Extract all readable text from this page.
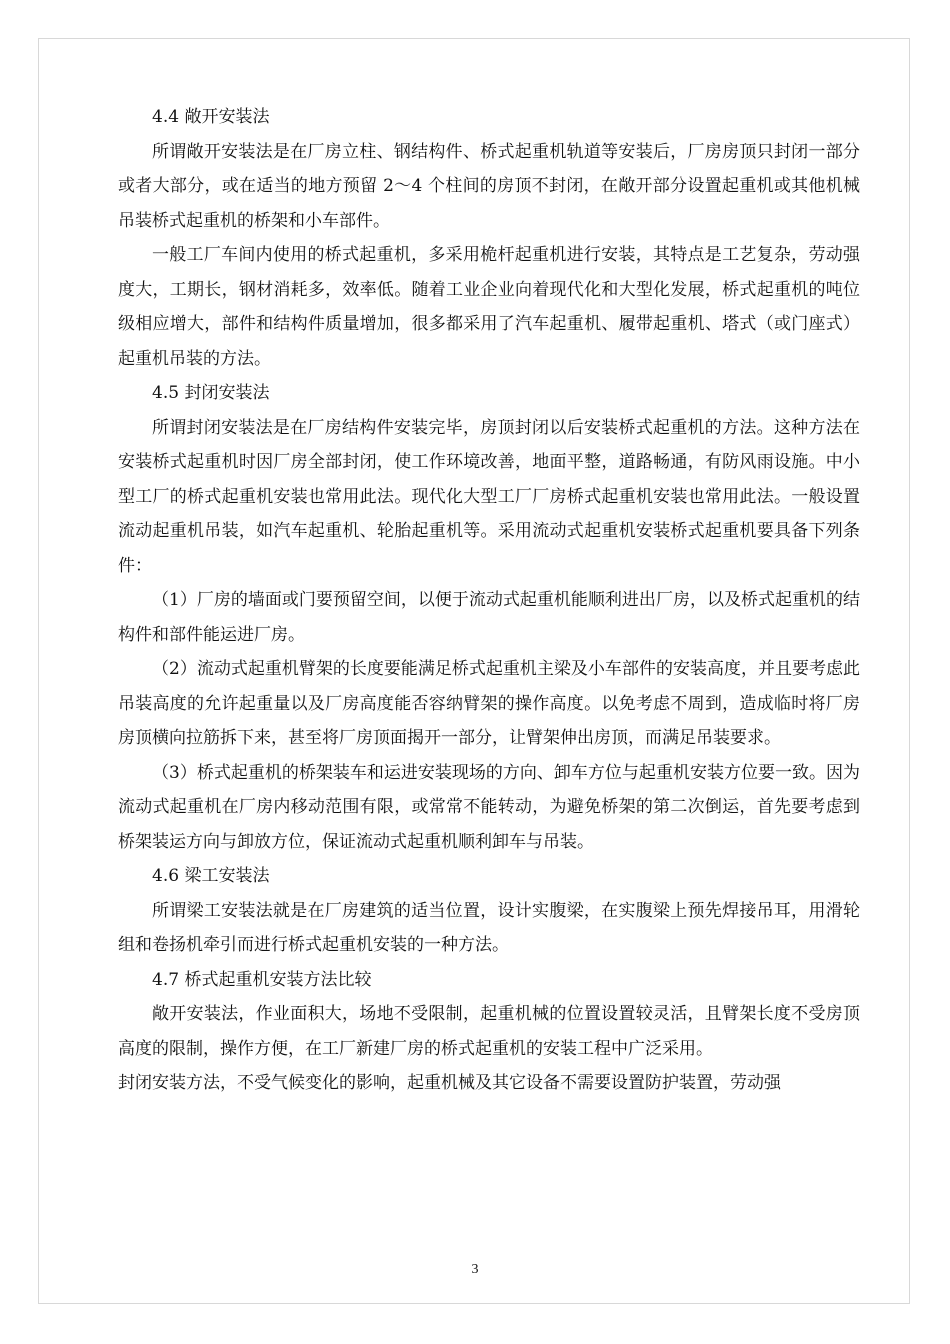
4.4 敞开安装法

所谓敞开安装法是在厂房立柱、钢结构件、桥式起重机轨道等安装后，厂房房顶只封闭一部分或者大部分，或在适当的地方预留 2～4 个柱间的房顶不封闭，在敞开部分设置起重机或其他机械吊装桥式起重机的桥架和小车部件。

一般工厂车间内使用的桥式起重机，多采用桅杆起重机进行安装，其特点是工艺复杂，劳动强度大，工期长，钢材消耗多，效率低。随着工业企业向着现代化和大型化发展，桥式起重机的吨位级相应增大，部件和结构件质量增加，很多都采用了汽车起重机、履带起重机、塔式（或门座式）起重机吊装的方法。

4.5 封闭安装法

所谓封闭安装法是在厂房结构件安装完毕，房顶封闭以后安装桥式起重机的方法。这种方法在安装桥式起重机时因厂房全部封闭，使工作环境改善，地面平整，道路畅通，有防风雨设施。中小型工厂的桥式起重机安装也常用此法。现代化大型工厂厂房桥式起重机安装也常用此法。一般设置流动起重机吊装，如汽车起重机、轮胎起重机等。采用流动式起重机安装桥式起重机要具备下列条件：

（1）厂房的墙面或门要预留空间，以便于流动式起重机能顺利进出厂房，以及桥式起重机的结构件和部件能运进厂房。

（2）流动式起重机臂架的长度要能满足桥式起重机主梁及小车部件的安装高度，并且要考虑此吊装高度的允许起重量以及厂房高度能否容纳臂架的操作高度。以免考虑不周到，造成临时将厂房房顶横向拉筋拆下来，甚至将厂房顶面揭开一部分，让臂架伸出房顶，而满足吊装要求。

（3）桥式起重机的桥架装车和运进安装现场的方向、卸车方位与起重机安装方位要一致。因为流动式起重机在厂房内移动范围有限，或常常不能转动，为避免桥架的第二次倒运，首先要考虑到桥架装运方向与卸放方位，保证流动式起重机顺利卸车与吊装。

4.6 梁工安装法

所谓梁工安装法就是在厂房建筑的适当位置，设计实腹梁，在实腹梁上预先焊接吊耳，用滑轮组和卷扬机牵引而进行桥式起重机安装的一种方法。

4.7 桥式起重机安装方法比较

敞开安装法，作业面积大，场地不受限制，起重机械的位置设置较灵活，且臂架长度不受房顶高度的限制，操作方便，在工厂新建厂房的桥式起重机的安装工程中广泛采用。

封闭安装方法，不受气候变化的影响，起重机械及其它设备不需要设置防护装置，劳动强

3
